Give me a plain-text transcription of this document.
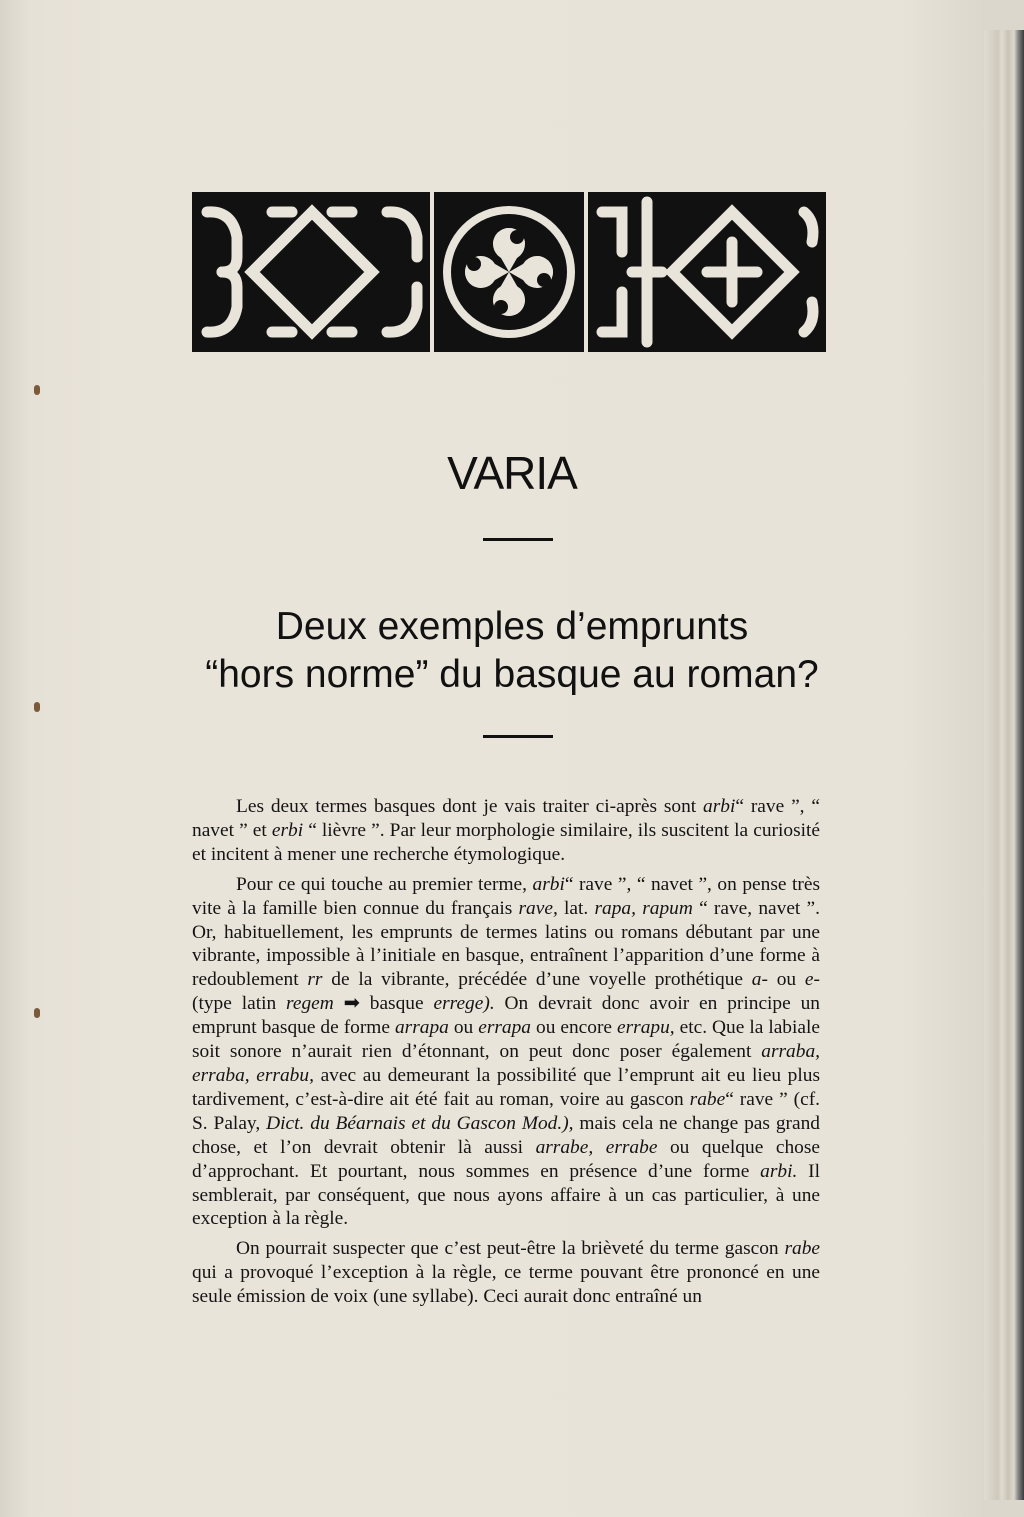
VARIA
Deux exemples d’emprunts
“hors norme” du basque au roman?

Les deux termes basques dont je vais traiter ci-après sont arbi“ rave ”, “ navet ” et erbi “ lièvre ”. Par leur morphologie similaire, ils suscitent la curiosité et incitent à mener une recherche étymologique.

Pour ce qui touche au premier terme, arbi“ rave ”, “ navet ”, on pense très vite à la famille bien connue du français rave, lat. rapa, rapum “ rave, navet ”. Or, habituellement, les emprunts de termes latins ou romans débutant par une vibrante, impossible à l’initiale en basque, entraînent l’apparition d’une forme à redoublement rr de la vibrante, précédée d’une voyelle prothétique a- ou e- (type latin regem ➡ basque errege). On devrait donc avoir en principe un emprunt basque de forme arrapa ou errapa ou encore errapu, etc. Que la labiale soit sonore n’aurait rien d’étonnant, on peut donc poser également arraba, erraba, errabu, avec au demeurant la possibilité que l’emprunt ait eu lieu plus tardivement, c’est-à-dire ait été fait au roman, voire au gascon rabe“ rave ” (cf. S. Palay, Dict. du Béarnais et du Gascon Mod.), mais cela ne change pas grand chose, et l’on devrait obtenir là aussi arrabe, errabe ou quelque chose d’approchant. Et pourtant, nous sommes en présence d’une forme arbi. Il semblerait, par conséquent, que nous ayons affaire à un cas particulier, à une exception à la règle.

On pourrait suspecter que c’est peut-être la brièveté du terme gascon rabe qui a provoqué l’exception à la règle, ce terme pouvant être prononcé en une seule émission de voix (une syllabe). Ceci aurait donc entraîné un
